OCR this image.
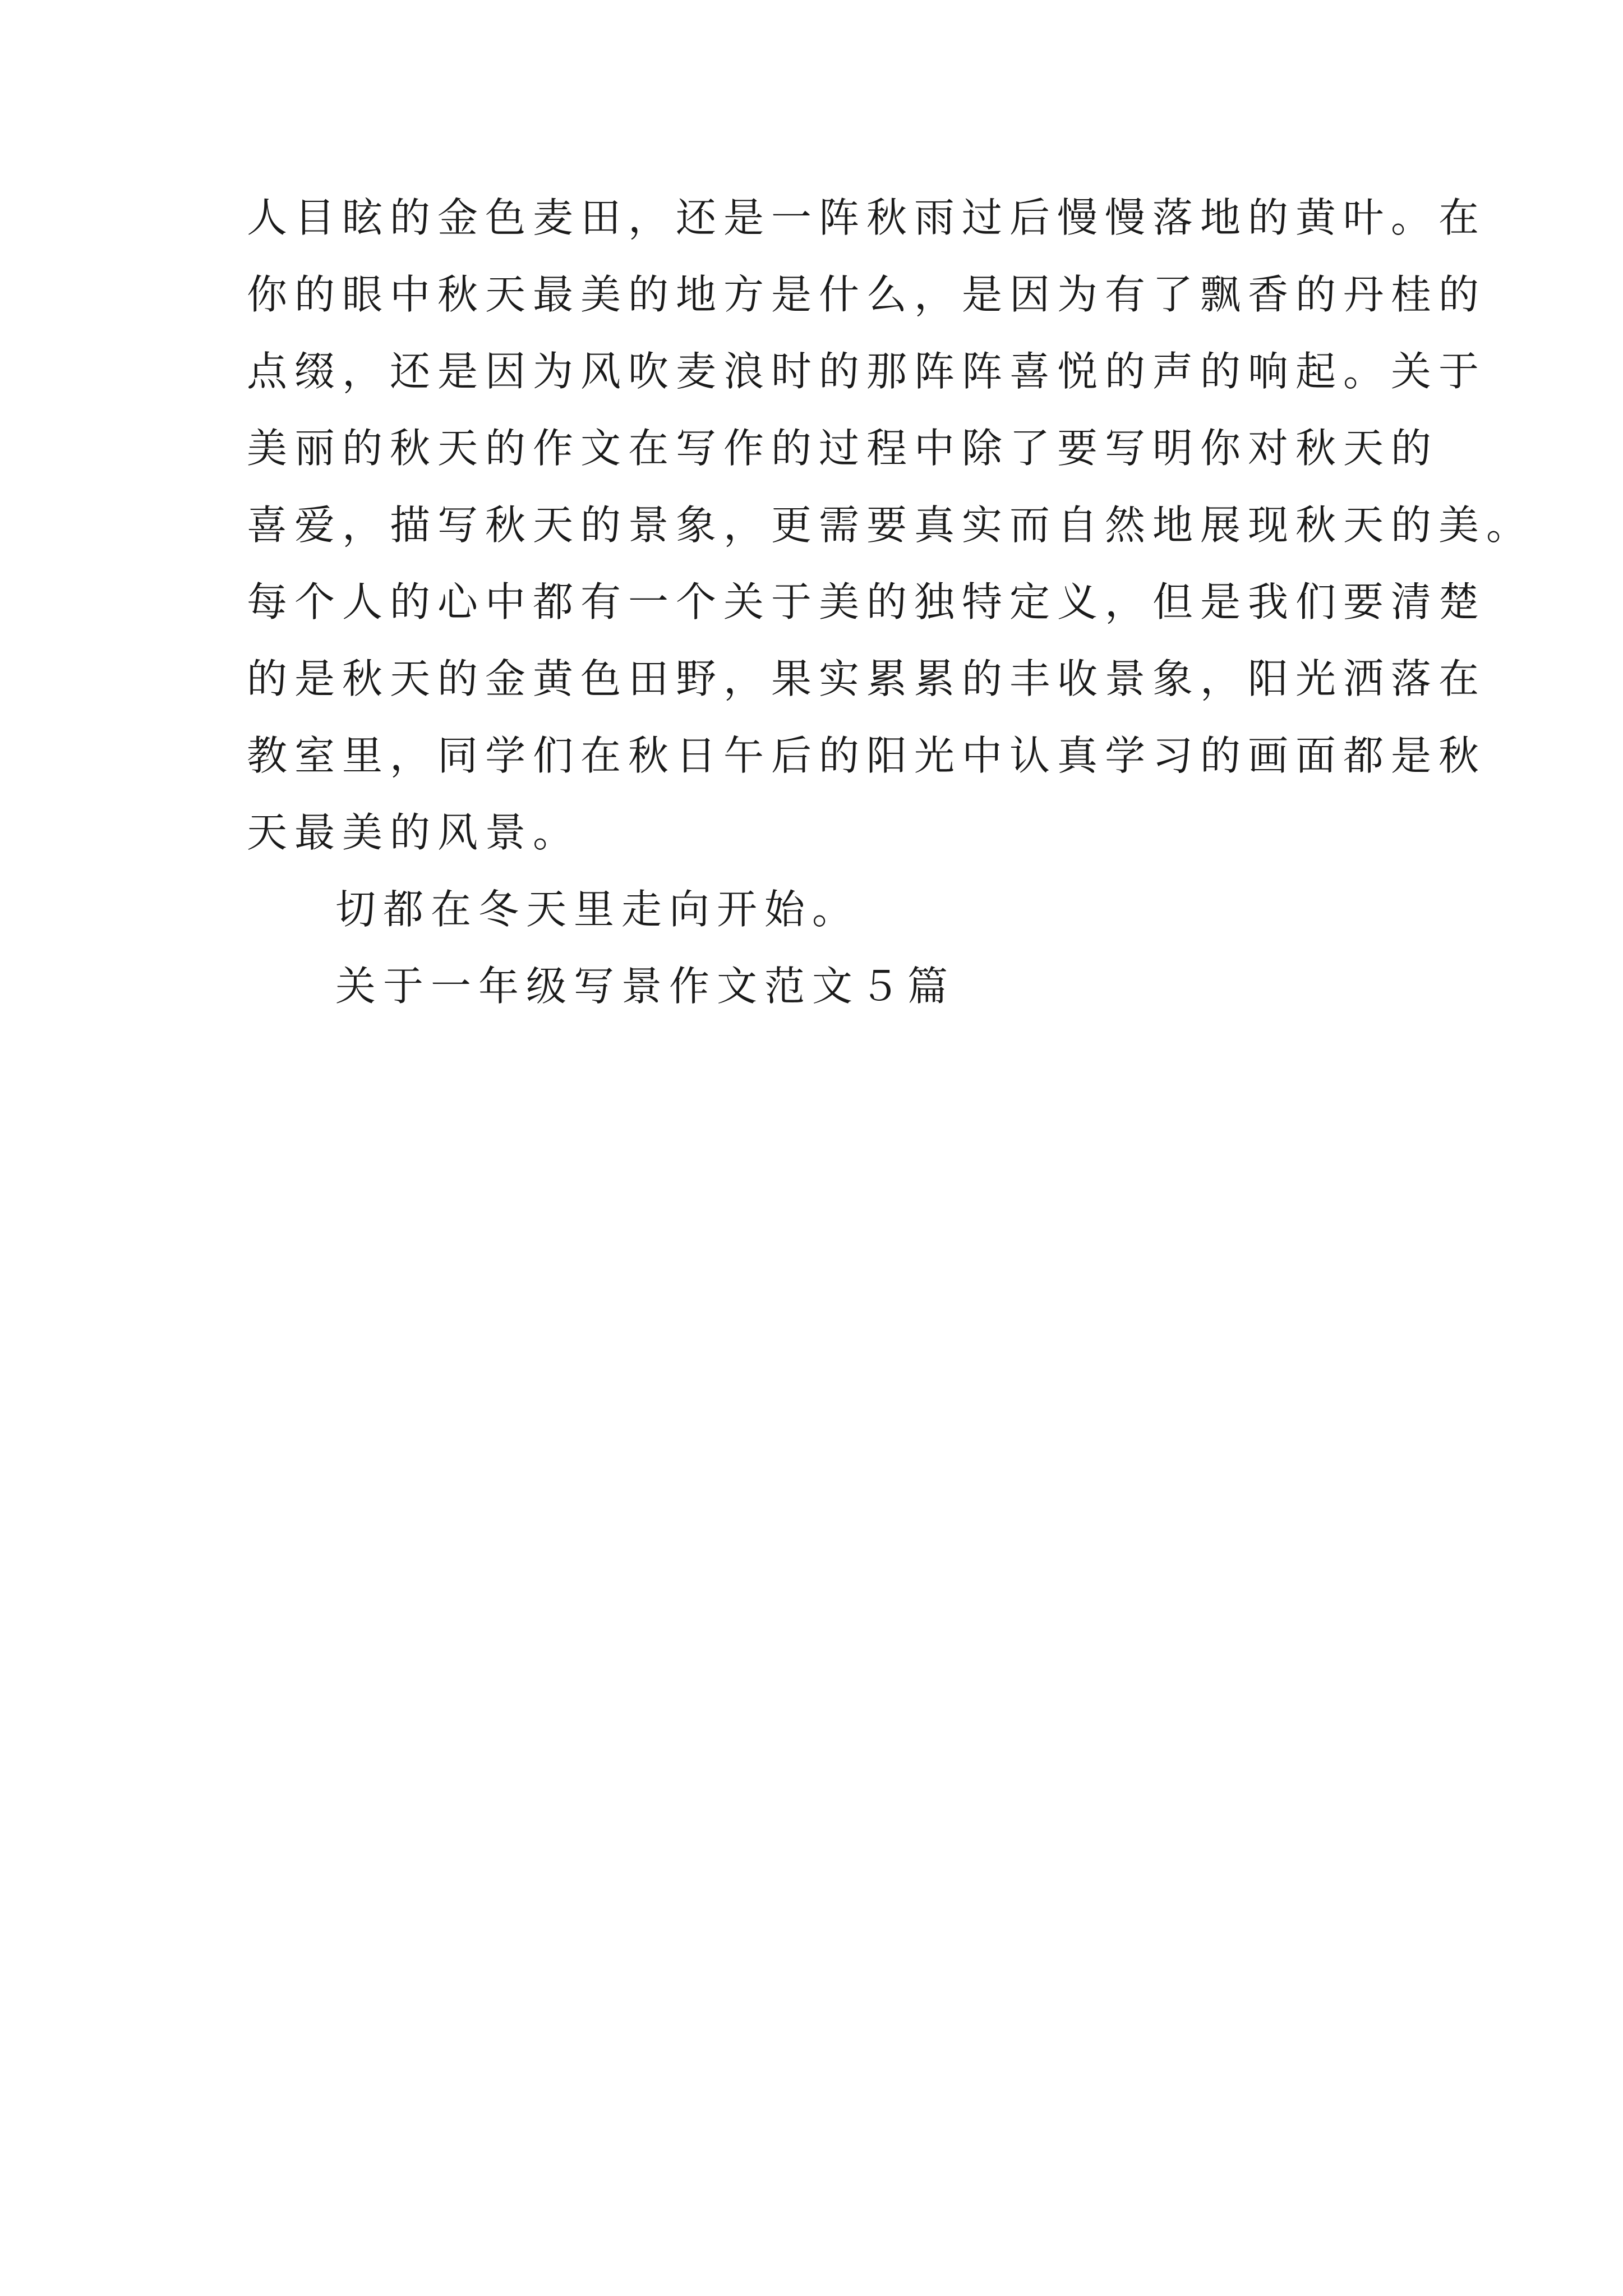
人目眩的金色麦田，还是一阵秋雨过后慢慢落地的黄叶。在
你的眼中秋天最美的地方是什么，是因为有了飘香的丹桂的
点缀，还是因为风吹麦浪时的那阵阵喜悦的声的响起。关于
美丽的秋天的作文在写作的过程中除了要写明你对秋天的
喜爱，描写秋天的景象，更需要真实而自然地展现秋天的美。
每个人的心中都有一个关于美的独特定义，但是我们要清楚
的是秋天的金黄色田野，果实累累的丰收景象，阳光洒落在
教室里，同学们在秋日午后的阳光中认真学习的画面都是秋
天最美的风景。
切都在冬天里走向开始。
关于一年级写景作文范文５篇
